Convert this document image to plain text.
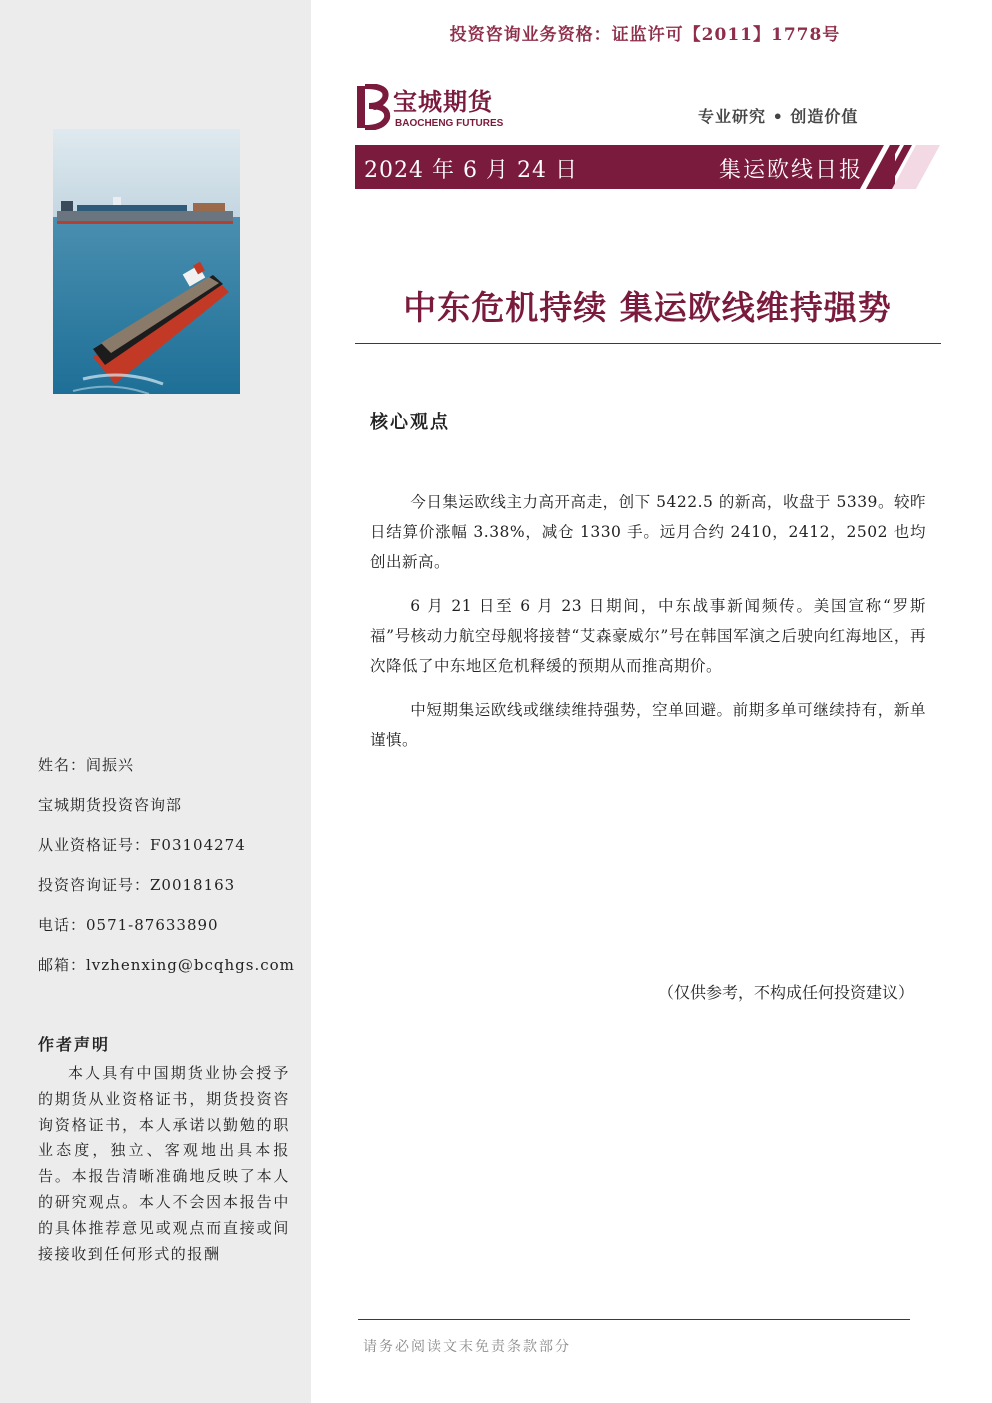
姓名：闾振兴
宝城期货投资咨询部
从业资格证号：F03104274
投资咨询证号：Z0018163
电话：0571-87633890
邮箱：lvzhenxing@bcqhgs.com
作者声明
本人具有中国期货业协会授予的期货从业资格证书，期货投资咨询资格证书，本人承诺以勤勉的职业态度，独立、客观地出具本报告。本报告清晰准确地反映了本人的研究观点。本人不会因本报告中的具体推荐意见或观点而直接或间接接收到任何形式的报酬
投资咨询业务资格：证监许可【2011】1778号
宝城期货
BAOCHENG FUTURES	专业研究 • 创造价值
2024 年 6 月 24 日	集运欧线日报
中东危机持续 集运欧线维持强势
核心观点

今日集运欧线主力高开高走，创下 5422.5 的新高，收盘于 5339。较昨日结算价涨幅 3.38%，减仓 1330 手。远月合约 2410，2412，2502 也均创出新高。

6 月 21 日至 6 月 23 日期间，中东战事新闻频传。美国宣称“罗斯福”号核动力航空母舰将接替“艾森豪威尔”号在韩国军演之后驶向红海地区，再次降低了中东地区危机释缓的预期从而推高期价。

中短期集运欧线或继续维持强势，空单回避。前期多单可继续持有，新单谨慎。

（仅供参考，不构成任何投资建议）
请务必阅读文末免责条款部分
